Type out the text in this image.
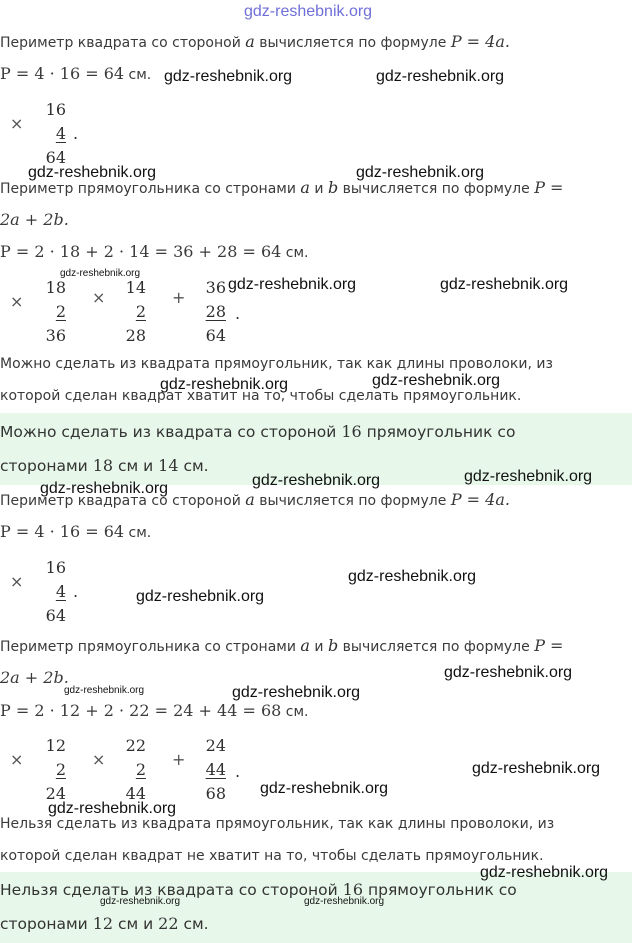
gdz-reshebnik.org
Периметр квадрата со стороной a вычисляется по формуле P = 4a.
P = 4 · 16 = 64 см.
×
16
4
64
.
Периметр прямоугольника со стронами a и b вычисляется по формуле P =
2a + 2b.
P = 2 · 18 + 2 · 14 = 36 + 28 = 64 см.
×
18
2
36
×
14
2
28
+
36
28
64
.
Можно сделать из квадрата прямоугольник, так как длины проволоки, из
которой сделан квадрат хватит на то, чтобы сделать прямоугольник.
Можно сделать из квадрата со стороной 16 прямоугольник со
сторонами 18 см и 14 см.
Периметр квадрата со стороной a вычисляется по формуле P = 4a.
P = 4 · 16 = 64 см.
×
16
4
64
.
Периметр прямоугольника со стронами a и b вычисляется по формуле P =
2a + 2b.
P = 2 · 12 + 2 · 22 = 24 + 44 = 68 см.
×
12
2
24
×
22
2
44
+
24
44
68
.
Нельзя сделать из квадрата прямоугольник, так как длины проволоки, из
которой сделан квадрат не хватит на то, чтобы сделать прямоугольник.
Нельзя сделать из квадрата со стороной 16 прямоугольник со
сторонами 12 см и 22 см.
gdz-reshebnik.org	gdz-reshebnik.org
gdz-reshebnik.org	gdz-reshebnik.org
gdz-reshebnik.org
gdz-reshebnik.org	gdz-reshebnik.org
gdz-reshebnik.org	gdz-reshebnik.org
gdz-reshebnik.org	gdz-reshebnik.org	gdz-reshebnik.org
gdz-reshebnik.org
gdz-reshebnik.org
gdz-reshebnik.org
gdz-reshebnik.org	gdz-reshebnik.org
gdz-reshebnik.org
gdz-reshebnik.org
gdz-reshebnik.org
gdz-reshebnik.org
gdz-reshebnik.org	gdz-reshebnik.org
